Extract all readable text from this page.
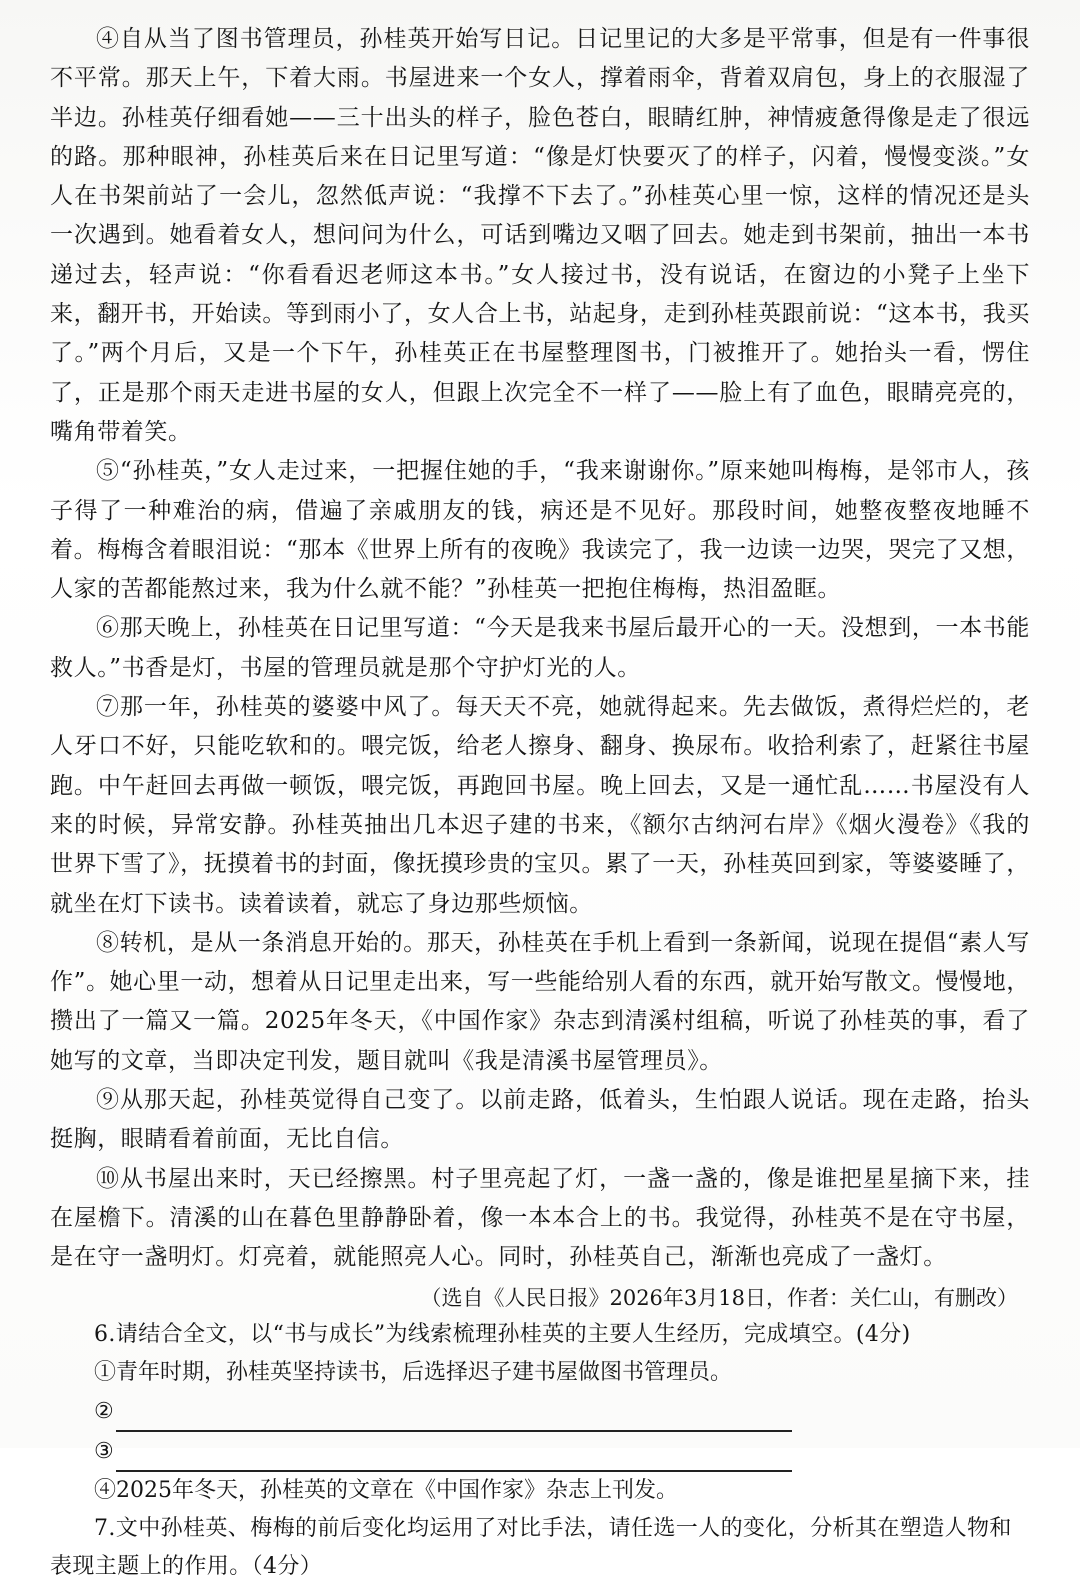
④自从当了图书管理员，孙桂英开始写日记。日记里记的大多是平常事，但是有一件事很不平常。那天上午，下着大雨。书屋进来一个女人，撑着雨伞，背着双肩包，身上的衣服湿了半边。孙桂英仔细看她——三十出头的样子，脸色苍白，眼睛红肿，神情疲惫得像是走了很远的路。那种眼神，孙桂英后来在日记里写道：“像是灯快要灭了的样子，闪着，慢慢变淡。”女人在书架前站了一会儿，忽然低声说：“我撑不下去了。”孙桂英心里一惊，这样的情况还是头一次遇到。她看着女人，想问问为什么，可话到嘴边又咽了回去。她走到书架前，抽出一本书递过去，轻声说：“你看看迟老师这本书。”女人接过书，没有说话，在窗边的小凳子上坐下来，翻开书，开始读。等到雨小了，女人合上书，站起身，走到孙桂英跟前说：“这本书，我买了。”两个月后，又是一个下午，孙桂英正在书屋整理图书，门被推开了。她抬头一看，愣住了，正是那个雨天走进书屋的女人，但跟上次完全不一样了——脸上有了血色，眼睛亮亮的，嘴角带着笑。

⑤“孙桂英，”女人走过来，一把握住她的手，“我来谢谢你。”原来她叫梅梅，是邻市人，孩子得了一种难治的病，借遍了亲戚朋友的钱，病还是不见好。那段时间，她整夜整夜地睡不着。梅梅含着眼泪说：“那本《世界上所有的夜晚》我读完了，我一边读一边哭，哭完了又想，人家的苦都能熬过来，我为什么就不能？”孙桂英一把抱住梅梅，热泪盈眶。

⑥那天晚上，孙桂英在日记里写道：“今天是我来书屋后最开心的一天。没想到，一本书能救人。”书香是灯，书屋的管理员就是那个守护灯光的人。

⑦那一年，孙桂英的婆婆中风了。每天天不亮，她就得起来。先去做饭，煮得烂烂的，老人牙口不好，只能吃软和的。喂完饭，给老人擦身、翻身、换尿布。收拾利索了，赶紧往书屋跑。中午赶回去再做一顿饭，喂完饭，再跑回书屋。晚上回去，又是一通忙乱……书屋没有人来的时候，异常安静。孙桂英抽出几本迟子建的书来，《额尔古纳河右岸》《烟火漫卷》《我的世界下雪了》，抚摸着书的封面，像抚摸珍贵的宝贝。累了一天，孙桂英回到家，等婆婆睡了，就坐在灯下读书。读着读着，就忘了身边那些烦恼。

⑧转机，是从一条消息开始的。那天，孙桂英在手机上看到一条新闻，说现在提倡“素人写作”。她心里一动，想着从日记里走出来，写一些能给别人看的东西，就开始写散文。慢慢地，攒出了一篇又一篇。2025年冬天，《中国作家》杂志到清溪村组稿，听说了孙桂英的事，看了她写的文章，当即决定刊发，题目就叫《我是清溪书屋管理员》。

⑨从那天起，孙桂英觉得自己变了。以前走路，低着头，生怕跟人说话。现在走路，抬头挺胸，眼睛看着前面，无比自信。

⑩从书屋出来时，天已经擦黑。村子里亮起了灯，一盏一盏的，像是谁把星星摘下来，挂在屋檐下。清溪的山在暮色里静静卧着，像一本本合上的书。我觉得，孙桂英不是在守书屋，是在守一盏明灯。灯亮着，就能照亮人心。同时，孙桂英自己，渐渐也亮成了一盏灯。

（选自《人民日报》2026年3月18日，作者：关仁山，有删改）

6.请结合全文，以“书与成长”为线索梳理孙桂英的主要人生经历，完成填空。(4分)

①青年时期，孙桂英坚持读书，后选择迟子建书屋做图书管理员。

②
③

④2025年冬天，孙桂英的文章在《中国作家》杂志上刊发。

7.文中孙桂英、梅梅的前后变化均运用了对比手法，请任选一人的变化，分析其在塑造人物和表现主题上的作用。（4分）
